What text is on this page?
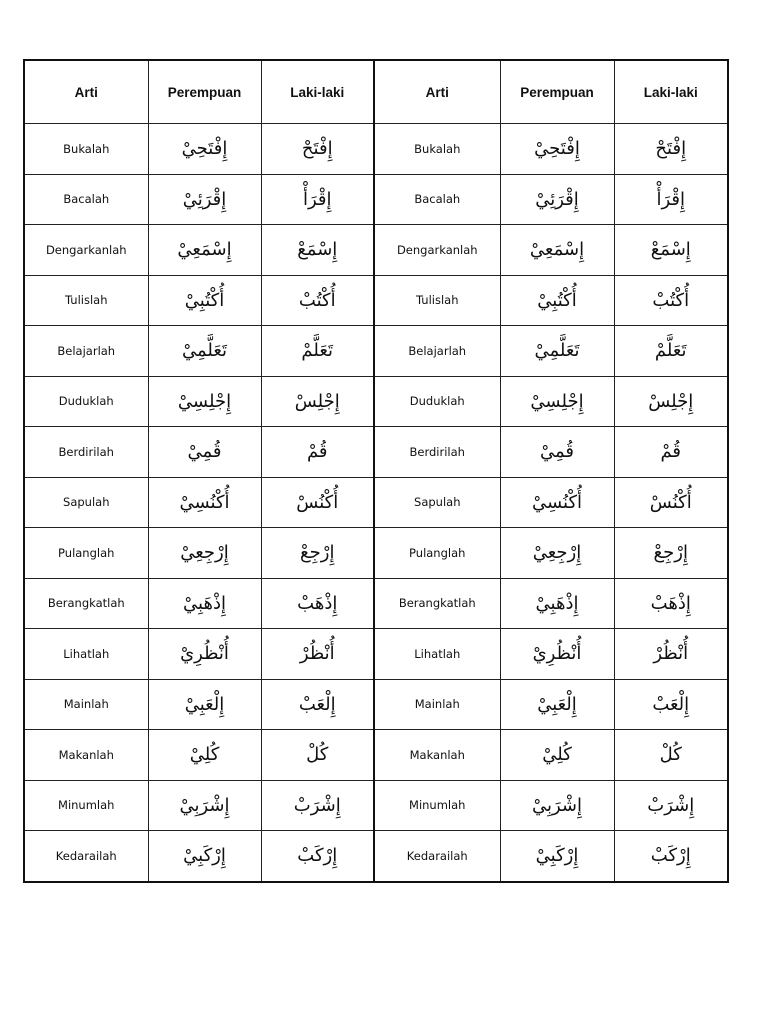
Arti	Perempuan	Laki-laki	Arti	Perempuan	Laki-laki
Bukalah	إِفْتَحِيْ	إِفْتَحْ	Bukalah	إِفْتَحِيْ	إِفْتَحْ
Bacalah	إِقْرَئِيْ	إِقْرَأْ	Bacalah	إِقْرَئِيْ	إِقْرَأْ
Dengarkanlah	إِسْمَعِيْ	إِسْمَعْ	Dengarkanlah	إِسْمَعِيْ	إِسْمَعْ
Tulislah	أُكْتُبِيْ	أُكْتُبْ	Tulislah	أُكْتُبِيْ	أُكْتُبْ
Belajarlah	تَعَلَّمِيْ	تَعَلَّمْ	Belajarlah	تَعَلَّمِيْ	تَعَلَّمْ
Duduklah	إِجْلِسِيْ	إِجْلِسْ	Duduklah	إِجْلِسِيْ	إِجْلِسْ
Berdirilah	قُمِيْ	قُمْ	Berdirilah	قُمِيْ	قُمْ
Sapulah	أُكْنُسِيْ	أُكْنُسْ	Sapulah	أُكْنُسِيْ	أُكْنُسْ
Pulanglah	إِرْجِعِيْ	إِرْجِعْ	Pulanglah	إِرْجِعِيْ	إِرْجِعْ
Berangkatlah	إِذْهَبِيْ	إِذْهَبْ	Berangkatlah	إِذْهَبِيْ	إِذْهَبْ
Lihatlah	أُنْظُرِيْ	أُنْظُرْ	Lihatlah	أُنْظُرِيْ	أُنْظُرْ
Mainlah	إِلْعَبِيْ	إِلْعَبْ	Mainlah	إِلْعَبِيْ	إِلْعَبْ
Makanlah	كُلِيْ	كُلْ	Makanlah	كُلِيْ	كُلْ
Minumlah	إِشْرَبِيْ	إِشْرَبْ	Minumlah	إِشْرَبِيْ	إِشْرَبْ
Kedarailah	إِرْكَبِيْ	إِرْكَبْ	Kedarailah	إِرْكَبِيْ	إِرْكَبْ
